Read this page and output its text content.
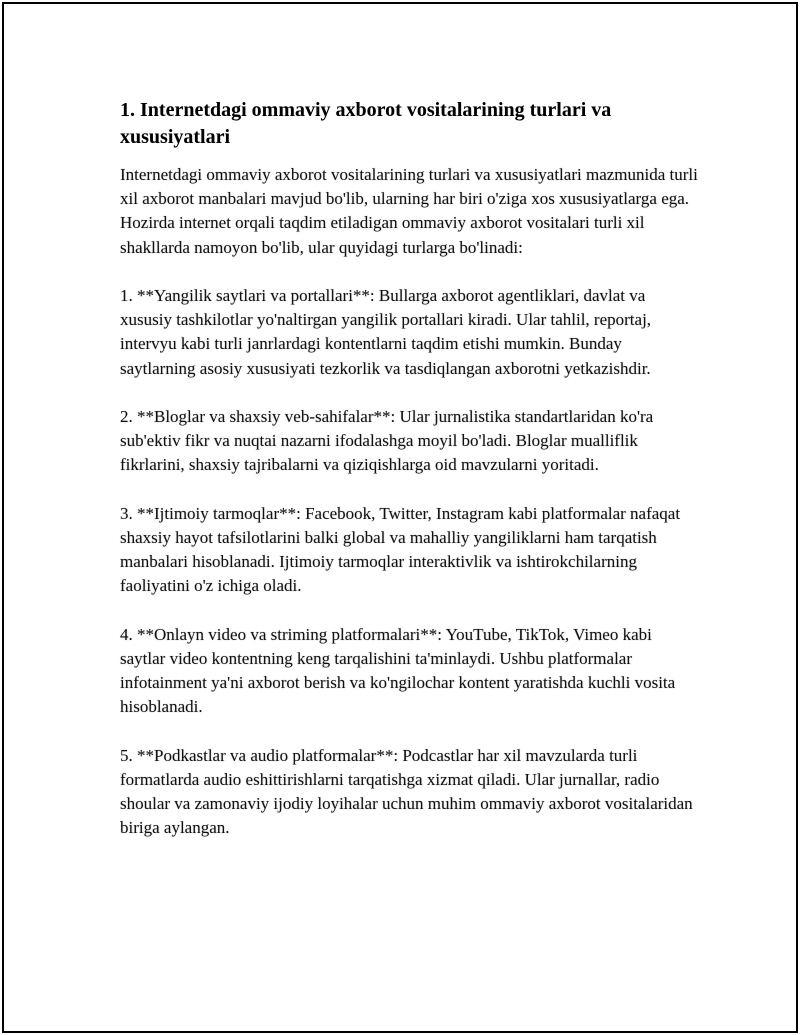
1. Internetdagi ommaviy axborot vositalarining turlari va xususiyatlari

Internetdagi ommaviy axborot vositalarining turlari va xususiyatlari mazmunida turli xil axborot manbalari mavjud bo'lib, ularning har biri o'ziga xos xususiyatlarga ega. Hozirda internet orqali taqdim etiladigan ommaviy axborot vositalari turli xil shakllarda namoyon bo'lib, ular quyidagi turlarga bo'linadi:

1. **Yangilik saytlari va portallari**: Bullarga axborot agentliklari, davlat va xususiy tashkilotlar yo'naltirgan yangilik portallari kiradi. Ular tahlil, reportaj, intervyu kabi turli janrlardagi kontentlarni taqdim etishi mumkin. Bunday saytlarning asosiy xususiyati tezkorlik va tasdiqlangan axborotni yetkazishdir.

2. **Bloglar va shaxsiy veb-sahifalar**: Ular jurnalistika standartlaridan ko'ra sub'ektiv fikr va nuqtai nazarni ifodalashga moyil bo'ladi. Bloglar mualliflik fikrlarini, shaxsiy tajribalarni va qiziqishlarga oid mavzularni yoritadi.

3. **Ijtimoiy tarmoqlar**: Facebook, Twitter, Instagram kabi platformalar nafaqat shaxsiy hayot tafsilotlarini balki global va mahalliy yangiliklarni ham tarqatish manbalari hisoblanadi. Ijtimoiy tarmoqlar interaktivlik va ishtirokchilarning faoliyatini o'z ichiga oladi.

4. **Onlayn video va striming platformalari**: YouTube, TikTok, Vimeo kabi saytlar video kontentning keng tarqalishini ta'minlaydi. Ushbu platformalar infotainment ya'ni axborot berish va ko'ngilochar kontent yaratishda kuchli vosita hisoblanadi.

5. **Podkastlar va audio platformalar**: Podcastlar har xil mavzularda turli formatlarda audio eshittirishlarni tarqatishga xizmat qiladi. Ular jurnallar, radio shoular va zamonaviy ijodiy loyihalar uchun muhim ommaviy axborot vositalaridan biriga aylangan.
